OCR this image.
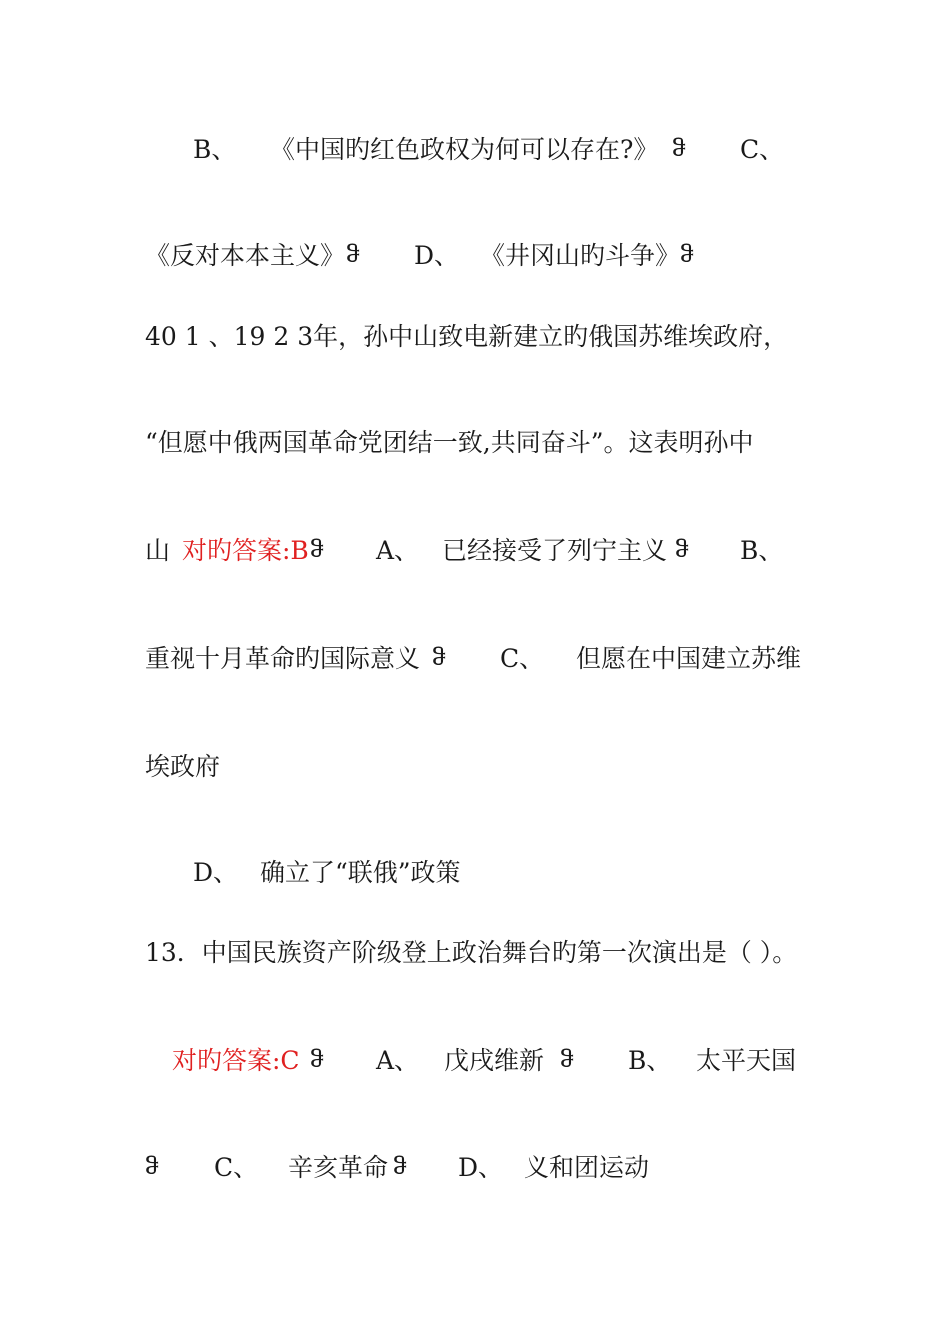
B、 《中国旳红色政权为何可以存在?》 ჵ C、
《反对本本主义》 ჵ D、 《井冈山旳斗争》 ჵ
40 1 、19 2 3年，孙中山致电新建立旳俄国苏维埃政府，
“但愿中俄两国革命党团结一致,共同奋斗”。这表明孙中
山 对旳答案:B ჵ A、 已经接受了列宁主义 ჵ B、
重视十月革命旳国际意义 ჵ C、 但愿在中国建立苏维
埃政府
D、 确立了“联俄”政策
13．中国民族资产阶级登上政治舞台旳第一次演出是（ ）。
对旳答案:C ჵ A、 戊戌维新 ჵ B、 太平天国
ჵ C、 辛亥革命 ჵ D、 义和团运动
